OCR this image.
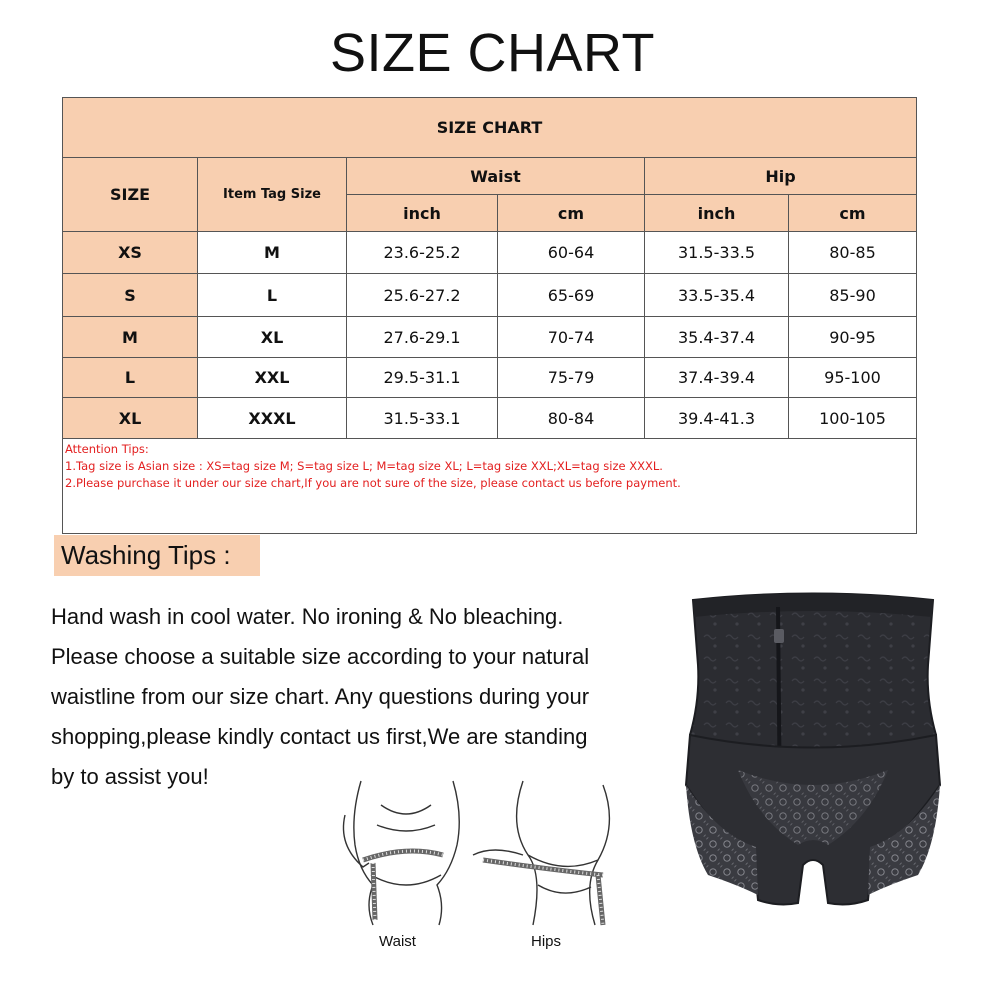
SIZE CHART
SIZE CHART					
SIZE	Item Tag Size	Waist		Hip	
		inch	cm	inch	cm
XS	M	23.6-25.2	60-64	31.5-33.5	80-85
S	L	25.6-27.2	65-69	33.5-35.4	85-90
M	XL	27.6-29.1	70-74	35.4-37.4	90-95
L	XXL	29.5-31.1	75-79	37.4-39.4	95-100
XL	XXXL	31.5-33.1	80-84	39.4-41.3	100-105

Attention Tips:
1.Tag size is Asian size : XS=tag size M; S=tag size L; M=tag size XL; L=tag size XXL;XL=tag size XXXL.
2.Please purchase it under our size chart,If you are not sure of the size, please contact us before payment.					
Washing Tips :
Hand wash in cool water. No ironing & No bleaching.
Please choose a suitable size according to your natural
waistline from our size chart. Any questions during your
shopping,please kindly contact us first,We are standing
by to assist you!
Waist	Hips
